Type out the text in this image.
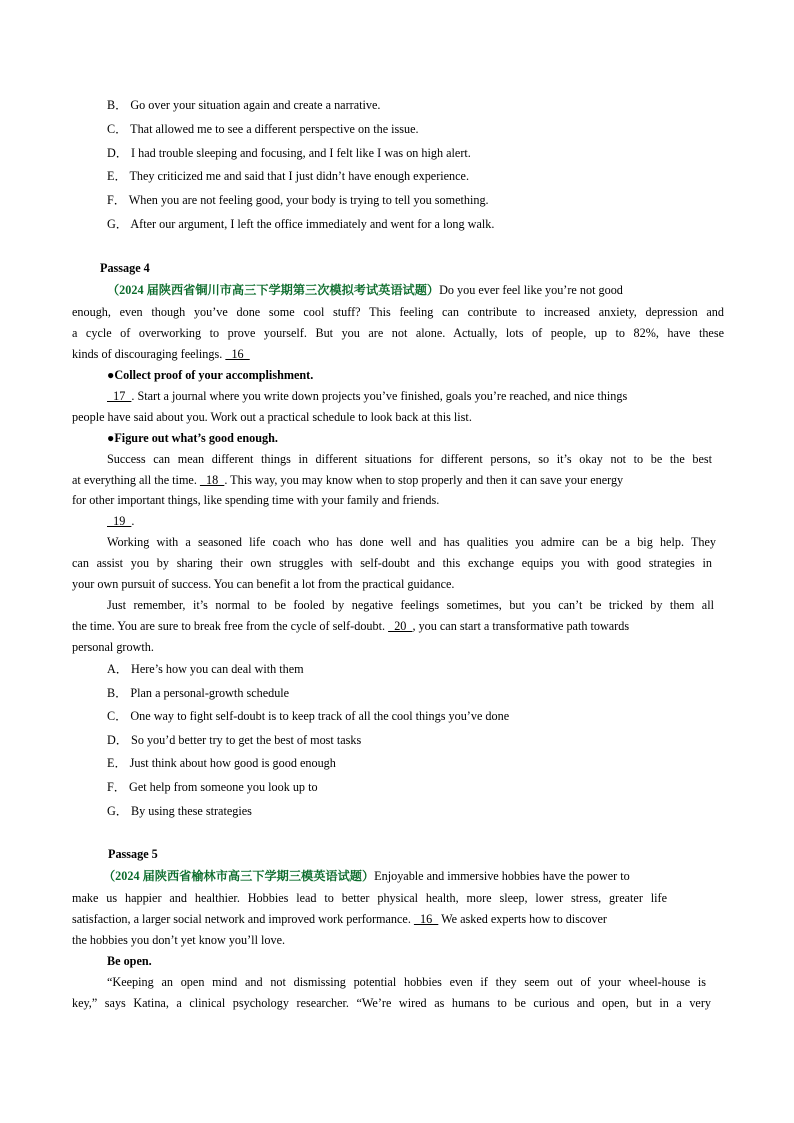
B． Go over your situation again and create a narrative.
C． That allowed me to see a different perspective on the issue.
D． I had trouble sleeping and focusing, and I felt like I was on high alert.
E． They criticized me and said that I just didn’t have enough experience.
F． When you are not feeling good, your body is trying to tell you something.
G． After our argument, I left the office immediately and went for a long walk.
Passage 4
（2024 届陕西省铜川市高三下学期第三次模拟考试英语试题）Do you ever feel like you’re not good
enough, even though you’ve done some cool stuff? This feeling can contribute to increased anxiety, depression and
a cycle of overworking to prove yourself. But you are not alone. Actually, lots of people, up to 82%, have these
kinds of discouraging feelings.   16
●Collect proof of your accomplishment.
17  . Start a journal where you write down projects you’ve finished, goals you’re reached, and nice things
people have said about you. Work out a practical schedule to look back at this list.
●Figure out what’s good enough.
Success can mean different things in different situations for different persons, so it’s okay not to be the best
at everything all the time.   18  . This way, you may know when to stop properly and then it can save your energy
for other important things, like spending time with your family and friends.
19  .
Working with a seasoned life coach who has done well and has qualities you admire can be a big help. They
can assist you by sharing their own struggles with self-doubt and this exchange equips you with good strategies in
your own pursuit of success. You can benefit a lot from the practical guidance.
Just remember, it’s normal to be fooled by negative feelings sometimes, but you can’t be tricked by them all
the time. You are sure to break free from the cycle of self-doubt.   20  , you can start a transformative path towards
personal growth.
A． Here’s how you can deal with them
B． Plan a personal-growth schedule
C． One way to fight self-doubt is to keep track of all the cool things you’ve done
D． So you’d better try to get the best of most tasks
E． Just think about how good is good enough
F． Get help from someone you look up to
G． By using these strategies
Passage 5
（2024 届陕西省榆林市高三下学期三模英语试题）Enjoyable and immersive hobbies have the power to
make us happier and healthier. Hobbies lead to better physical health, more sleep, lower stress, greater life
satisfaction, a larger social network and improved work performance.   16   We asked experts how to discover
the hobbies you don’t yet know you’ll love.
Be open.
“Keeping an open mind and not dismissing potential hobbies even if they seem out of your wheel-house is
key,” says Katina, a clinical psychology researcher. “We’re wired as humans to be curious and open, but in a very
